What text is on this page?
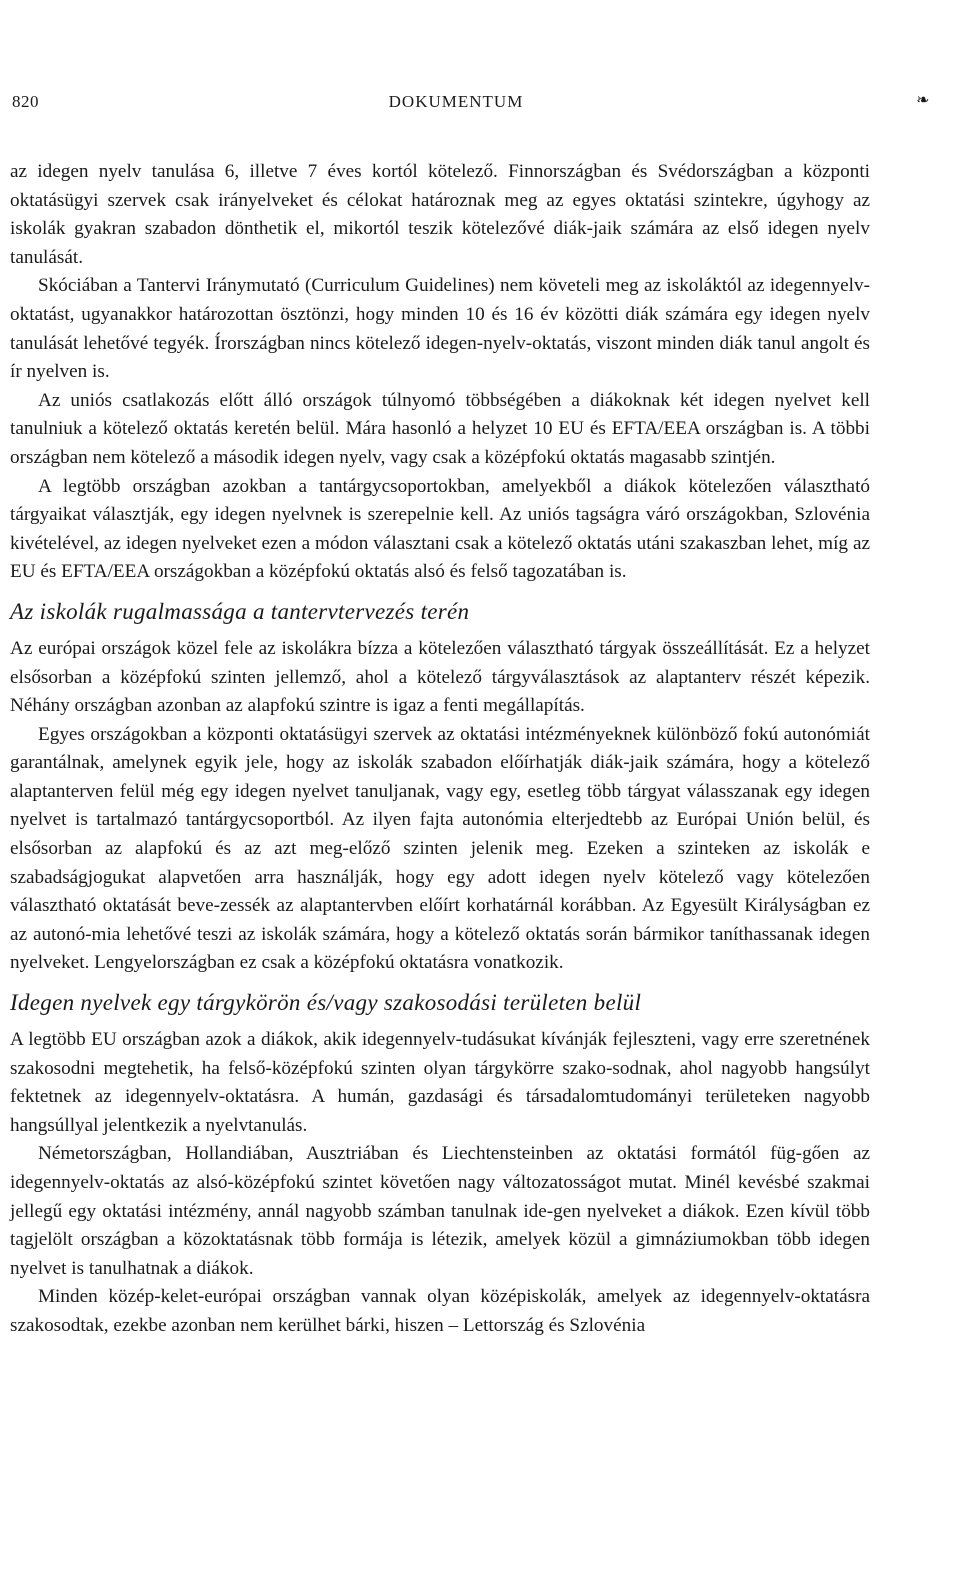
820	DOKUMENTUM	❧

az idegen nyelv tanulása 6, illetve 7 éves kortól kötelező. Finnországban és Svédországban a központi oktatásügyi szervek csak irányelveket és célokat határoznak meg az egyes oktatási szintekre, úgyhogy az iskolák gyakran szabadon dönthetik el, mikortól teszik kötelezővé diák-jaik számára az első idegen nyelv tanulását.

Skóciában a Tantervi Iránymutató (Curriculum Guidelines) nem követeli meg az iskoláktól az idegennyelv-oktatást, ugyanakkor határozottan ösztönzi, hogy minden 10 és 16 év közötti diák számára egy idegen nyelv tanulását lehetővé tegyék. Írországban nincs kötelező idegen-nyelv-oktatás, viszont minden diák tanul angolt és ír nyelven is.

Az uniós csatlakozás előtt álló országok túlnyomó többségében a diákoknak két idegen nyelvet kell tanulniuk a kötelező oktatás keretén belül. Mára hasonló a helyzet 10 EU és EFTA/EEA országban is. A többi országban nem kötelező a második idegen nyelv, vagy csak a középfokú oktatás magasabb szintjén.

A legtöbb országban azokban a tantárgycsoportokban, amelyekből a diákok kötelezően választható tárgyaikat választják, egy idegen nyelvnek is szerepelnie kell. Az uniós tagságra váró országokban, Szlovénia kivételével, az idegen nyelveket ezen a módon választani csak a kötelező oktatás utáni szakaszban lehet, míg az EU és EFTA/EEA országokban a középfokú oktatás alsó és felső tagozatában is.

Az iskolák rugalmassága a tantervtervezés terén

Az európai országok közel fele az iskolákra bízza a kötelezően választható tárgyak összeállítását. Ez a helyzet elsősorban a középfokú szinten jellemző, ahol a kötelező tárgyválasztások az alaptanterv részét képezik. Néhány országban azonban az alapfokú szintre is igaz a fenti megállapítás.

Egyes országokban a központi oktatásügyi szervek az oktatási intézményeknek különböző fokú autonómiát garantálnak, amelynek egyik jele, hogy az iskolák szabadon előírhatják diák-jaik számára, hogy a kötelező alaptanterven felül még egy idegen nyelvet tanuljanak, vagy egy, esetleg több tárgyat válasszanak egy idegen nyelvet is tartalmazó tantárgycsoportból. Az ilyen fajta autonómia elterjedtebb az Európai Unión belül, és elsősorban az alapfokú és az azt meg-előző szinten jelenik meg. Ezeken a szinteken az iskolák e szabadságjogukat alapvetően arra használják, hogy egy adott idegen nyelv kötelező vagy kötelezően választható oktatását beve-zessék az alaptantervben előírt korhatárnál korábban. Az Egyesült Királyságban ez az autonó-mia lehetővé teszi az iskolák számára, hogy a kötelező oktatás során bármikor taníthassanak idegen nyelveket. Lengyelországban ez csak a középfokú oktatásra vonatkozik.

Idegen nyelvek egy tárgykörön és/vagy szakosodási területen belül

A legtöbb EU országban azok a diákok, akik idegennyelv-tudásukat kívánják fejleszteni, vagy erre szeretnének szakosodni megtehetik, ha felső-középfokú szinten olyan tárgykörre szako-sodnak, ahol nagyobb hangsúlyt fektetnek az idegennyelv-oktatásra. A humán, gazdasági és társadalomtudományi területeken nagyobb hangsúllyal jelentkezik a nyelvtanulás.

Németországban, Hollandiában, Ausztriában és Liechtensteinben az oktatási formától füg-gően az idegennyelv-oktatás az alsó-középfokú szintet követően nagy változatosságot mutat. Minél kevésbé szakmai jellegű egy oktatási intézmény, annál nagyobb számban tanulnak ide-gen nyelveket a diákok. Ezen kívül több tagjelölt országban a közoktatásnak több formája is létezik, amelyek közül a gimnáziumokban több idegen nyelvet is tanulhatnak a diákok.

Minden közép-kelet-európai országban vannak olyan középiskolák, amelyek az idegennyelv-oktatásra szakosodtak, ezekbe azonban nem kerülhet bárki, hiszen – Lettország és Szlovénia
